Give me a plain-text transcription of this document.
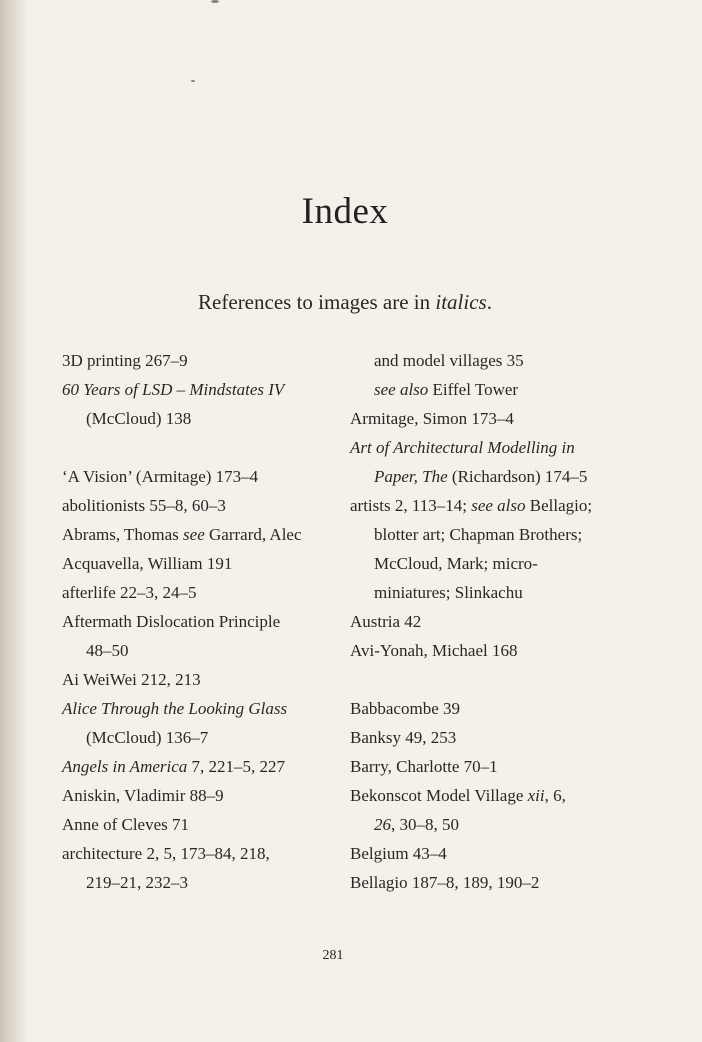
Index
References to images are in italics.
3D printing 267–9
60 Years of LSD – Mindstates IV
(McCloud) 138
‘A Vision’ (Armitage) 173–4
abolitionists 55–8, 60–3
Abrams, Thomas see Garrard, Alec
Acquavella, William 191
afterlife 22–3, 24–5
Aftermath Dislocation Principle
48–50
Ai WeiWei 212, 213
Alice Through the Looking Glass
(McCloud) 136–7
Angels in America 7, 221–5, 227
Aniskin, Vladimir 88–9
Anne of Cleves 71
architecture 2, 5, 173–84, 218,
219–21, 232–3
and model villages 35
see also Eiffel Tower
Armitage, Simon 173–4
Art of Architectural Modelling in
Paper, The (Richardson) 174–5
artists 2, 113–14; see also Bellagio;
blotter art; Chapman Brothers;
McCloud, Mark; micro-
miniatures; Slinkachu
Austria 42
Avi-Yonah, Michael 168
Babbacombe 39
Banksy 49, 253
Barry, Charlotte 70–1
Bekonscot Model Village xii, 6,
26, 30–8, 50
Belgium 43–4
Bellagio 187–8, 189, 190–2
281
